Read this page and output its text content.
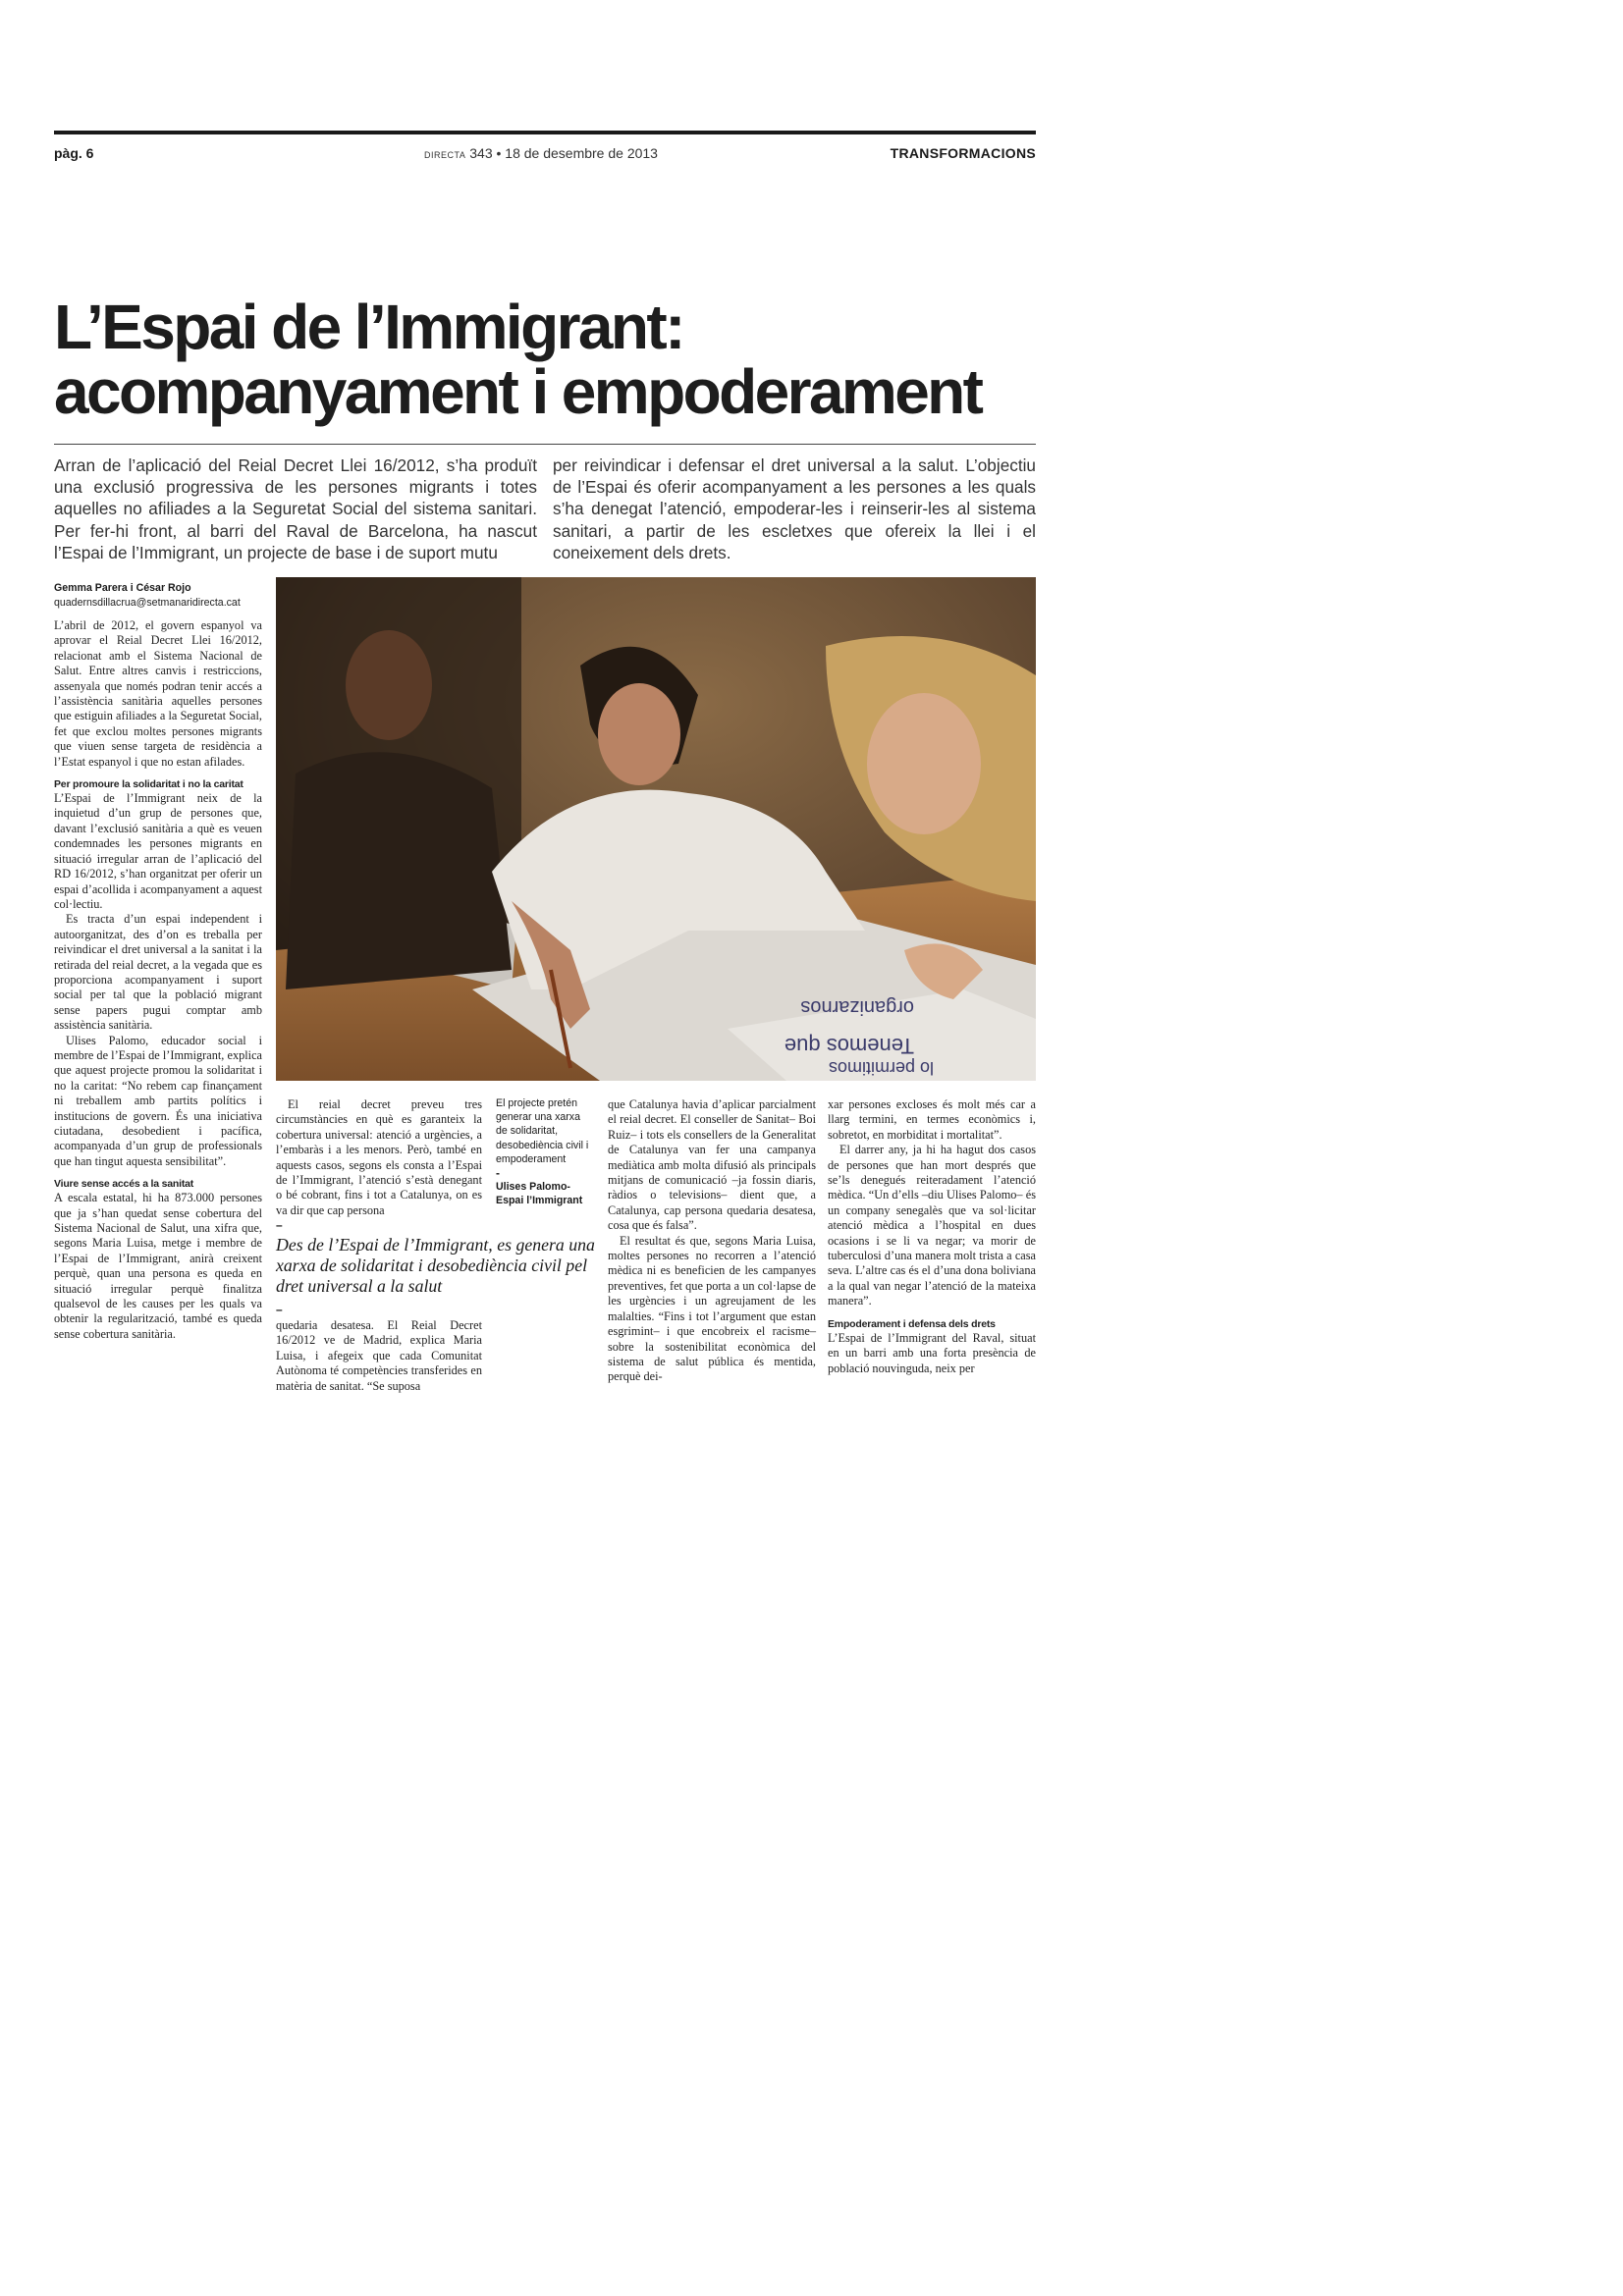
pàg. 6	DIRECTA 343 • 18 de desembre de 2013	TRANSFORMACIONS
L’Espai de l’Immigrant:
acompanyament i empoderament
Arran de l’aplicació del Reial Decret Llei 16/2012, s’ha produït una exclusió progressiva de les persones migrants i totes aquelles no afiliades a la Seguretat Social del sistema sanitari. Per fer-hi front, al barri del Raval de Barcelona, ha nascut l’Espai de l’Immigrant, un projecte de base i de suport mutu
per reivindicar i defensar el dret universal a la salut. L’objectiu de l’Espai és oferir acompanyament a les persones a les quals s’ha denegat l’atenció, empoderar-les i reinserir-les al sistema sanitari, a partir de les escletxes que ofereix la llei i el coneixement dels drets.
Gemma Parera i César Rojo
quadernsdillacrua@setmanaridirecta.cat
Tenemos que
organizarnos
lo permitimos

L’abril de 2012, el govern espanyol va aprovar el Reial Decret Llei 16/2012, relacionat amb el Sistema Nacional de Salut. Entre altres canvis i restriccions, assenyala que només podran tenir accés a l’assistència sanitària aquelles persones que estiguin afiliades a la Seguretat Social, fet que exclou moltes persones migrants que viuen sense targeta de residència a l’Estat espanyol i que no estan afilades.

Per promoure la solidaritat i no la caritat

L’Espai de l’Immigrant neix de la inquietud d’un grup de persones que, davant l’exclusió sanitària a què es veuen condemnades les persones migrants en situació irregular arran de l’aplicació del RD 16/2012, s’han organitzat per oferir un espai d’acollida i acompanyament a aquest col·lectiu.

Es tracta d’un espai independent i autoorganitzat, des d’on es treballa per reivindicar el dret universal a la sanitat i la retirada del reial decret, a la vegada que es proporciona acompanyament i suport social per tal que la població migrant sense papers pugui comptar amb assistència sanitària.

Ulises Palomo, educador social i membre de l’Espai de l’Immigrant, explica que aquest projecte promou la solidaritat i no la caritat: “No rebem cap finançament ni treballem amb partits polítics i institucions de govern. És una iniciativa ciutadana, desobedient i pacífica, acompanyada d’un grup de professionals que han tingut aquesta sensibilitat”.

Viure sense accés a la sanitat

A escala estatal, hi ha 873.000 persones que ja s’han quedat sense cobertura del Sistema Nacional de Salut, una xifra que, segons Maria Luisa, metge i membre de l’Espai de l’Immigrant, anirà creixent perquè, quan una persona es queda en situació irregular perquè finalitza qualsevol de les causes per les quals va obtenir la regularització, també es queda sense cobertura sanitària.

El reial decret preveu tres circumstàncies en què es garanteix la cobertura universal: atenció a urgències, a l’embaràs i a les menors. Però, també en aquests casos, segons els consta a l’Espai de l’Immigrant, l’atenció s’està denegant o bé cobrant, fins i tot a Catalunya, on es va dir que cap persona

–
El projecte pretén generar una xarxa de solidaritat, desobediència civil i empoderament
-
Ulises Palomo-Espai l’Immigrant
Des de l’Espai de l’Immigrant, es genera una xarxa de solidaritat i desobediència civil pel dret universal a la salut
–

quedaria desatesa. El Reial Decret 16/2012 ve de Madrid, explica Maria Luisa, i afegeix que cada Comunitat Autònoma té competències transferides en matèria de sanitat. “Se suposa

que Catalunya havia d’aplicar parcialment el reial decret. El conseller de Sanitat– Boi Ruiz– i tots els consellers de la Generalitat de Catalunya van fer una campanya mediàtica amb molta difusió als principals mitjans de comunicació –ja fossin diaris, ràdios o televisions– dient que, a Catalunya, cap persona quedaria desatesa, cosa que és falsa”.

El resultat és que, segons Maria Luisa, moltes persones no recorren a l’atenció mèdica ni es beneficien de les campanyes preventives, fet que porta a un col·lapse de les urgències i un agreujament de les malalties. “Fins i tot l’argument que estan esgrimint– i que encobreix el racisme– sobre la sostenibilitat econòmica del sistema de salut pública és mentida, perquè dei-

xar persones excloses és molt més car a llarg termini, en termes econòmics i, sobretot, en morbiditat i mortalitat”.

El darrer any, ja hi ha hagut dos casos de persones que han mort després que se’ls denegués reiteradament l’atenció mèdica. “Un d’ells –diu Ulises Palomo– és un company senegalès que va sol·licitar atenció mèdica a l’hospital en dues ocasions i se li va negar; va morir de tuberculosi d’una manera molt trista a casa seva. L’altre cas és el d’una dona boliviana a la qual van negar l’atenció de la mateixa manera”.

Empoderament i defensa dels drets

L’Espai de l’Immigrant del Raval, situat en un barri amb una forta presència de població nouvinguda, neix per
